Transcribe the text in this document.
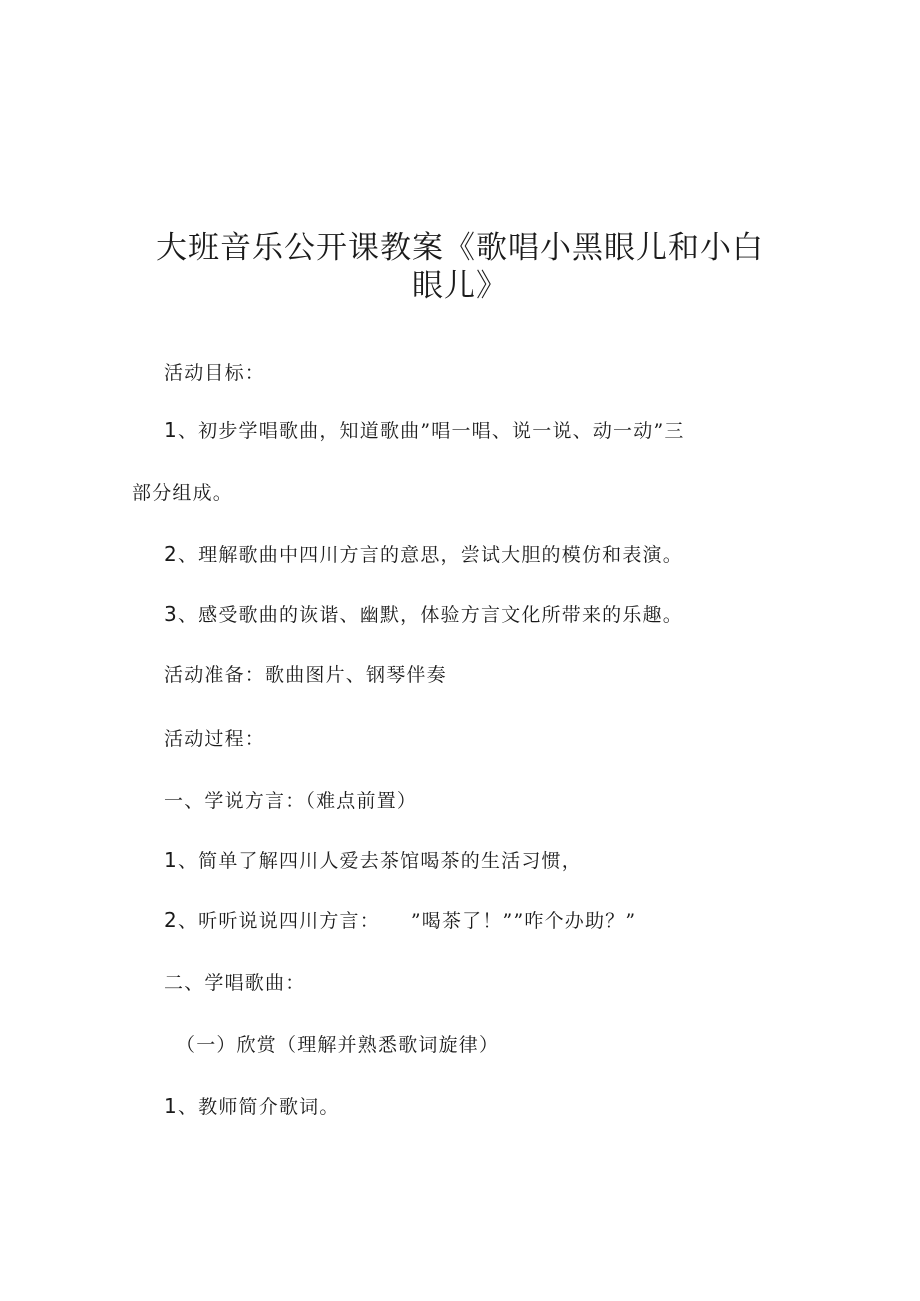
大班音乐公开课教案《歌唱小黑眼儿和小白
眼儿》
活动目标：
1、初步学唱歌曲，知道歌曲”唱一唱、说一说、动一动”三
部分组成。
2、理解歌曲中四川方言的意思，尝试大胆的模仿和表演。
3、感受歌曲的诙谐、幽默，体验方言文化所带来的乐趣。
活动准备：歌曲图片、钢琴伴奏
活动过程：
一、学说方言：（难点前置）
1、简单了解四川人爱去茶馆喝茶的生活习惯，
2、听听说说四川方言：　　”喝茶了！””咋个办助？”
二、学唱歌曲：
（一）欣赏（理解并熟悉歌词旋律）
1、教师简介歌词。
